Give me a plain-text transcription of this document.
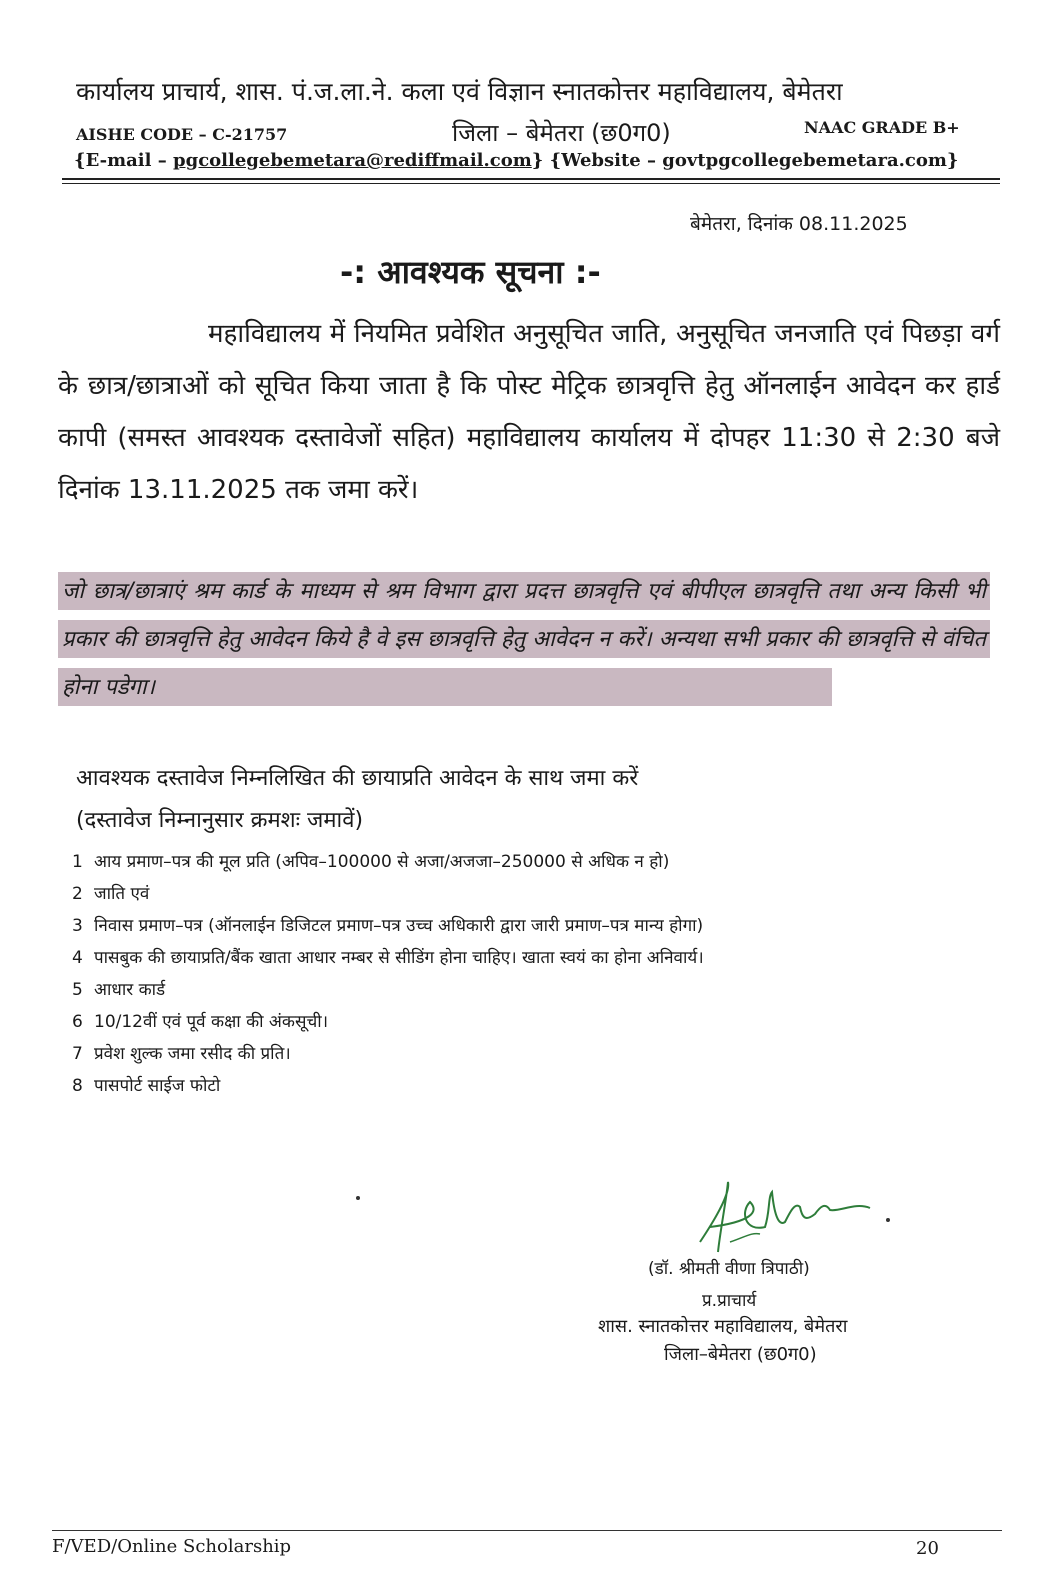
कार्यालय प्राचार्य, शास. पं.ज.ला.ने. कला एवं विज्ञान स्नातकोत्तर महाविद्यालय, बेमेतरा
AISHE CODE – C-21757	जिला – बेमेतरा (छ0ग0)	NAAC GRADE B+
{E-mail – pgcollegebemetara@rediffmail.com} {Website – govtpgcollegebemetara.com}
बेमेतरा, दिनांक 08.11.2025
-: आवश्यक सूचना :-
महाविद्यालय में नियमित प्रवेशित अनुसूचित जाति, अनुसूचित जनजाति एवं पिछड़ा वर्ग के छात्र/छात्राओं को सूचित किया जाता है कि पोस्ट मेट्रिक छात्रवृत्ति हेतु ऑनलाईन आवेदन कर हार्ड कापी (समस्त आवश्यक दस्तावेजों सहित) महाविद्यालय कार्यालय में दोपहर 11:30 से 2:30 बजे दिनांक 13.11.2025 तक जमा करें।
जो छात्र/छात्राएं श्रम कार्ड के माध्यम से श्रम विभाग द्वारा प्रदत्त छात्रवृत्ति एवं बीपीएल छात्रवृत्ति तथा अन्य किसी भी प्रकार की छात्रवृत्ति हेतु आवेदन किये है वे इस छात्रवृत्ति हेतु आवेदन न करें। अन्यथा सभी प्रकार की छात्रवृत्ति से वंचित होना पडेगा।
आवश्यक दस्तावेज निम्नलिखित की छायाप्रति आवेदन के साथ जमा करें
(दस्तावेज निम्नानुसार क्रमशः जमावें)
1 आय प्रमाण–पत्र की मूल प्रति (अपिव–100000 से अजा/अजजा–250000 से अधिक न हो)
2 जाति एवं
3 निवास प्रमाण–पत्र (ऑनलाईन डिजिटल प्रमाण–पत्र उच्च अधिकारी द्वारा जारी प्रमाण–पत्र मान्य होगा)
4 पासबुक की छायाप्रति/बैंक खाता आधार नम्बर से सीडिंग होना चाहिए। खाता स्वयं का होना अनिवार्य।
5 आधार कार्ड
6 10/12वीं एवं पूर्व कक्षा की अंकसूची।
7 प्रवेश शुल्क जमा रसीद की प्रति।
8 पासपोर्ट साईज फोटो
(डॉ. श्रीमती वीणा त्रिपाठी)
प्र.प्राचार्य
शास. स्नातकोत्तर महाविद्यालय, बेमेतरा
जिला–बेमेतरा (छ0ग0)
F/VED/Online Scholarship	20
